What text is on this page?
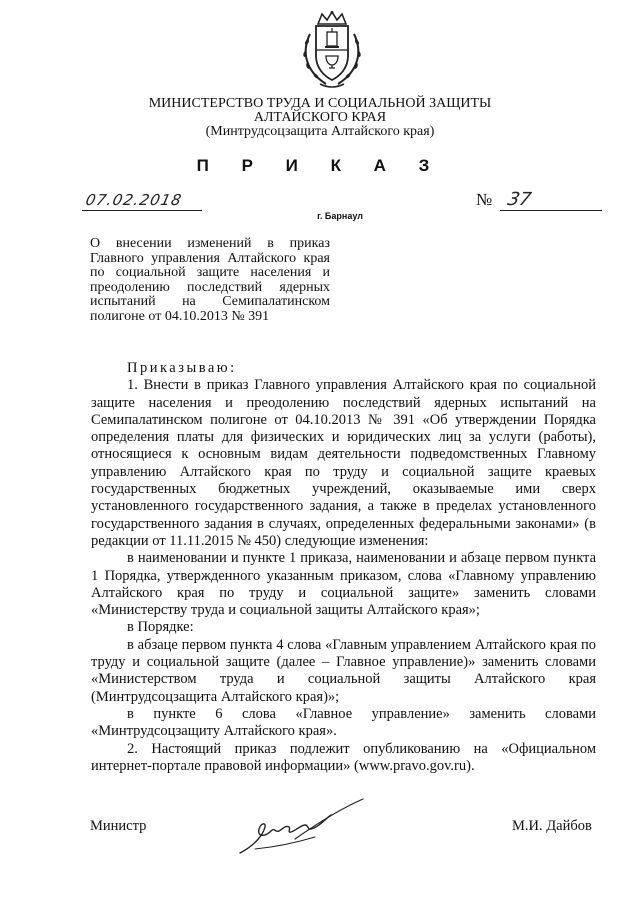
МИНИСТЕРСТВО ТРУДА И СОЦИАЛЬНОЙ ЗАЩИТЫ
АЛТАЙСКОГО КРАЯ
(Минтрудсоцзащита Алтайского края)
П Р И К А З
07.02.2018	№ 37
г. Барнаул
О внесении изменений в приказ Главного управления Алтайского края по социальной защите населения и преодолению последствий ядерных испытаний на Семипалатинском полигоне от 04.10.2013 № 391

Приказываю:

1. Внести в приказ Главного управления Алтайского края по социальной защите населения и преодолению последствий ядерных испытаний на Семипалатинском полигоне от 04.10.2013 № 391 «Об утверждении Порядка определения платы для физических и юридических лиц за услуги (работы), относящиеся к основным видам деятельности подведомственных Главному управлению Алтайского края по труду и социальной защите краевых государственных бюджетных учреждений, оказываемые ими сверх установленного государственного задания, а также в пределах установленного государственного задания в случаях, определенных федеральными законами» (в редакции от 11.11.2015 № 450) следующие изменения:

в наименовании и пункте 1 приказа, наименовании и абзаце первом пункта 1 Порядка, утвержденного указанным приказом, слова «Главному управлению Алтайского края по труду и социальной защите» заменить словами «Министерству труда и социальной защиты Алтайского края»;

в Порядке:

в абзаце первом пункта 4 слова «Главным управлением Алтайского края по труду и социальной защите (далее – Главное управление)» заменить словами «Министерством труда и социальной защиты Алтайского края (Минтрудсоцзащита Алтайского края)»;

в пункте 6 слова «Главное управление» заменить словами «Минтрудсоцзащиту Алтайского края».

2. Настоящий приказ подлежит опубликованию на «Официальном интернет-портале правовой информации» (www.pravo.gov.ru).

Министр	М.И. Дайбов
